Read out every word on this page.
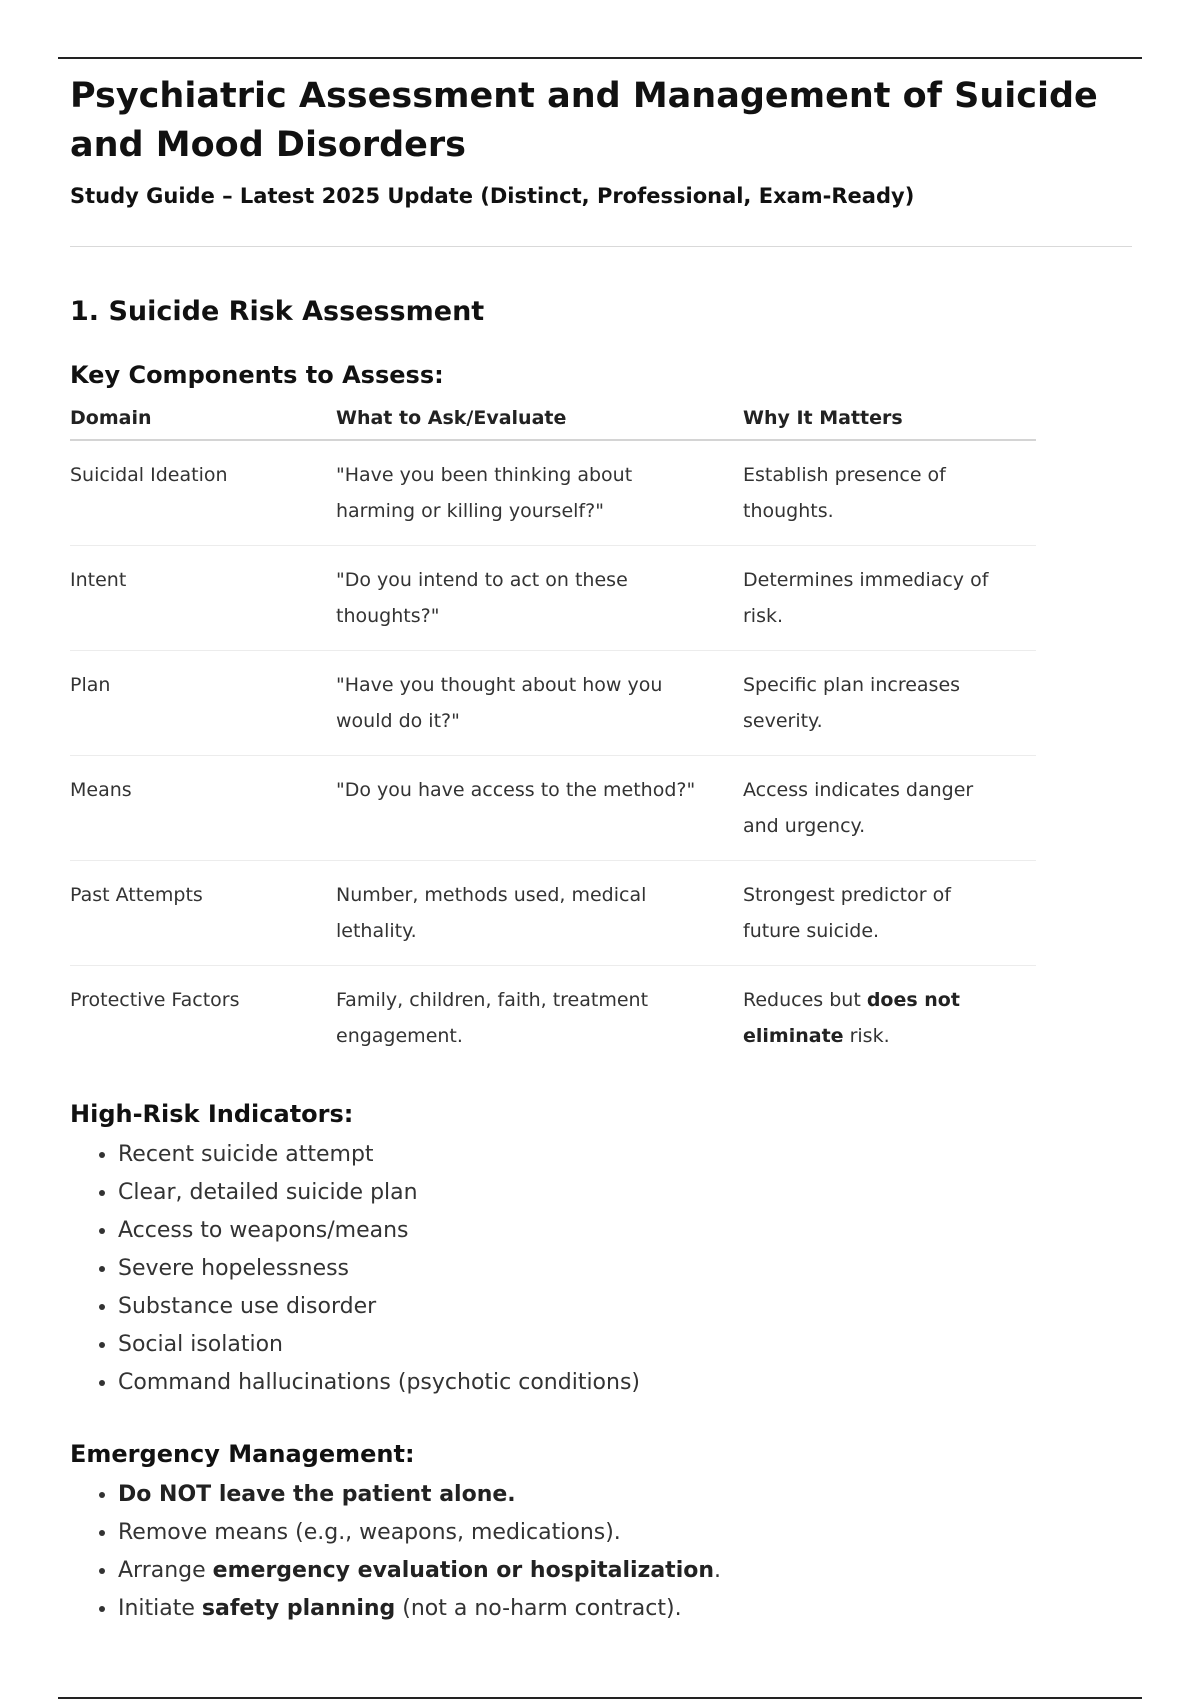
Psychiatric Assessment and Management of Suicide and Mood Disorders
Study Guide – Latest 2025 Update (Distinct, Professional, Exam-Ready)
1. Suicide Risk Assessment
Key Components to Assess:
Domain	What to Ask/Evaluate	Why It Matters
Suicidal Ideation	"Have you been thinking about harming or killing yourself?"	Establish presence of thoughts.
Intent	"Do you intend to act on these thoughts?"	Determines immediacy of risk.
Plan	"Have you thought about how you would do it?"	Specific plan increases severity.
Means	"Do you have access to the method?"	Access indicates danger and urgency.
Past Attempts	Number, methods used, medical lethality.	Strongest predictor of future suicide.
Protective Factors	Family, children, faith, treatment engagement.	Reduces but does not eliminate risk.
High-Risk Indicators:
• Recent suicide attempt
• Clear, detailed suicide plan
• Access to weapons/means
• Severe hopelessness
• Substance use disorder
• Social isolation
• Command hallucinations (psychotic conditions)
Emergency Management:
• Do NOT leave the patient alone.
• Remove means (e.g., weapons, medications).
• Arrange emergency evaluation or hospitalization.
• Initiate safety planning (not a no-harm contract).
